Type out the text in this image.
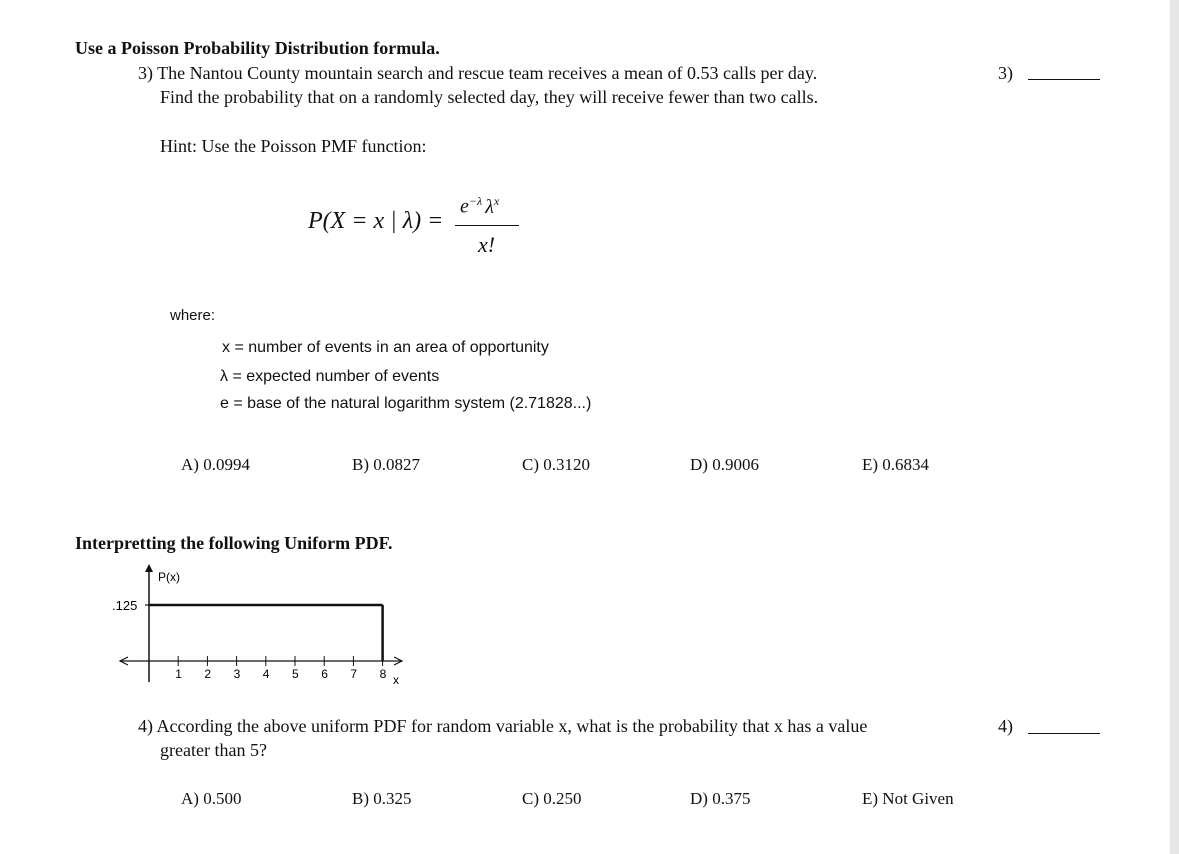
Use a Poisson Probability Distribution formula.
3) The Nantou County mountain search and rescue team receives a mean of 0.53 calls per day.
Find the probability that on a randomly selected day, they will receive fewer than two calls.
3)
Hint: Use the Poisson PMF function:
P(X = x | λ) =
$e^{-\lambda}$ $\lambda^x$
x!
where:
x = number of events in an area of opportunity
λ = expected number of events
e = base of the natural logarithm system (2.71828...)
A) 0.0994	B) 0.0827	C) 0.3120	D) 0.9006	E) 0.6834
Interpretting the following Uniform PDF.
P(x)
.125
1 2 3 4 5 6 7 8 x
4) According the above uniform PDF for random variable x, what is the probability that x has a value
greater than 5?
4)
A) 0.500	B) 0.325	C) 0.250	D) 0.375	E) Not Given
